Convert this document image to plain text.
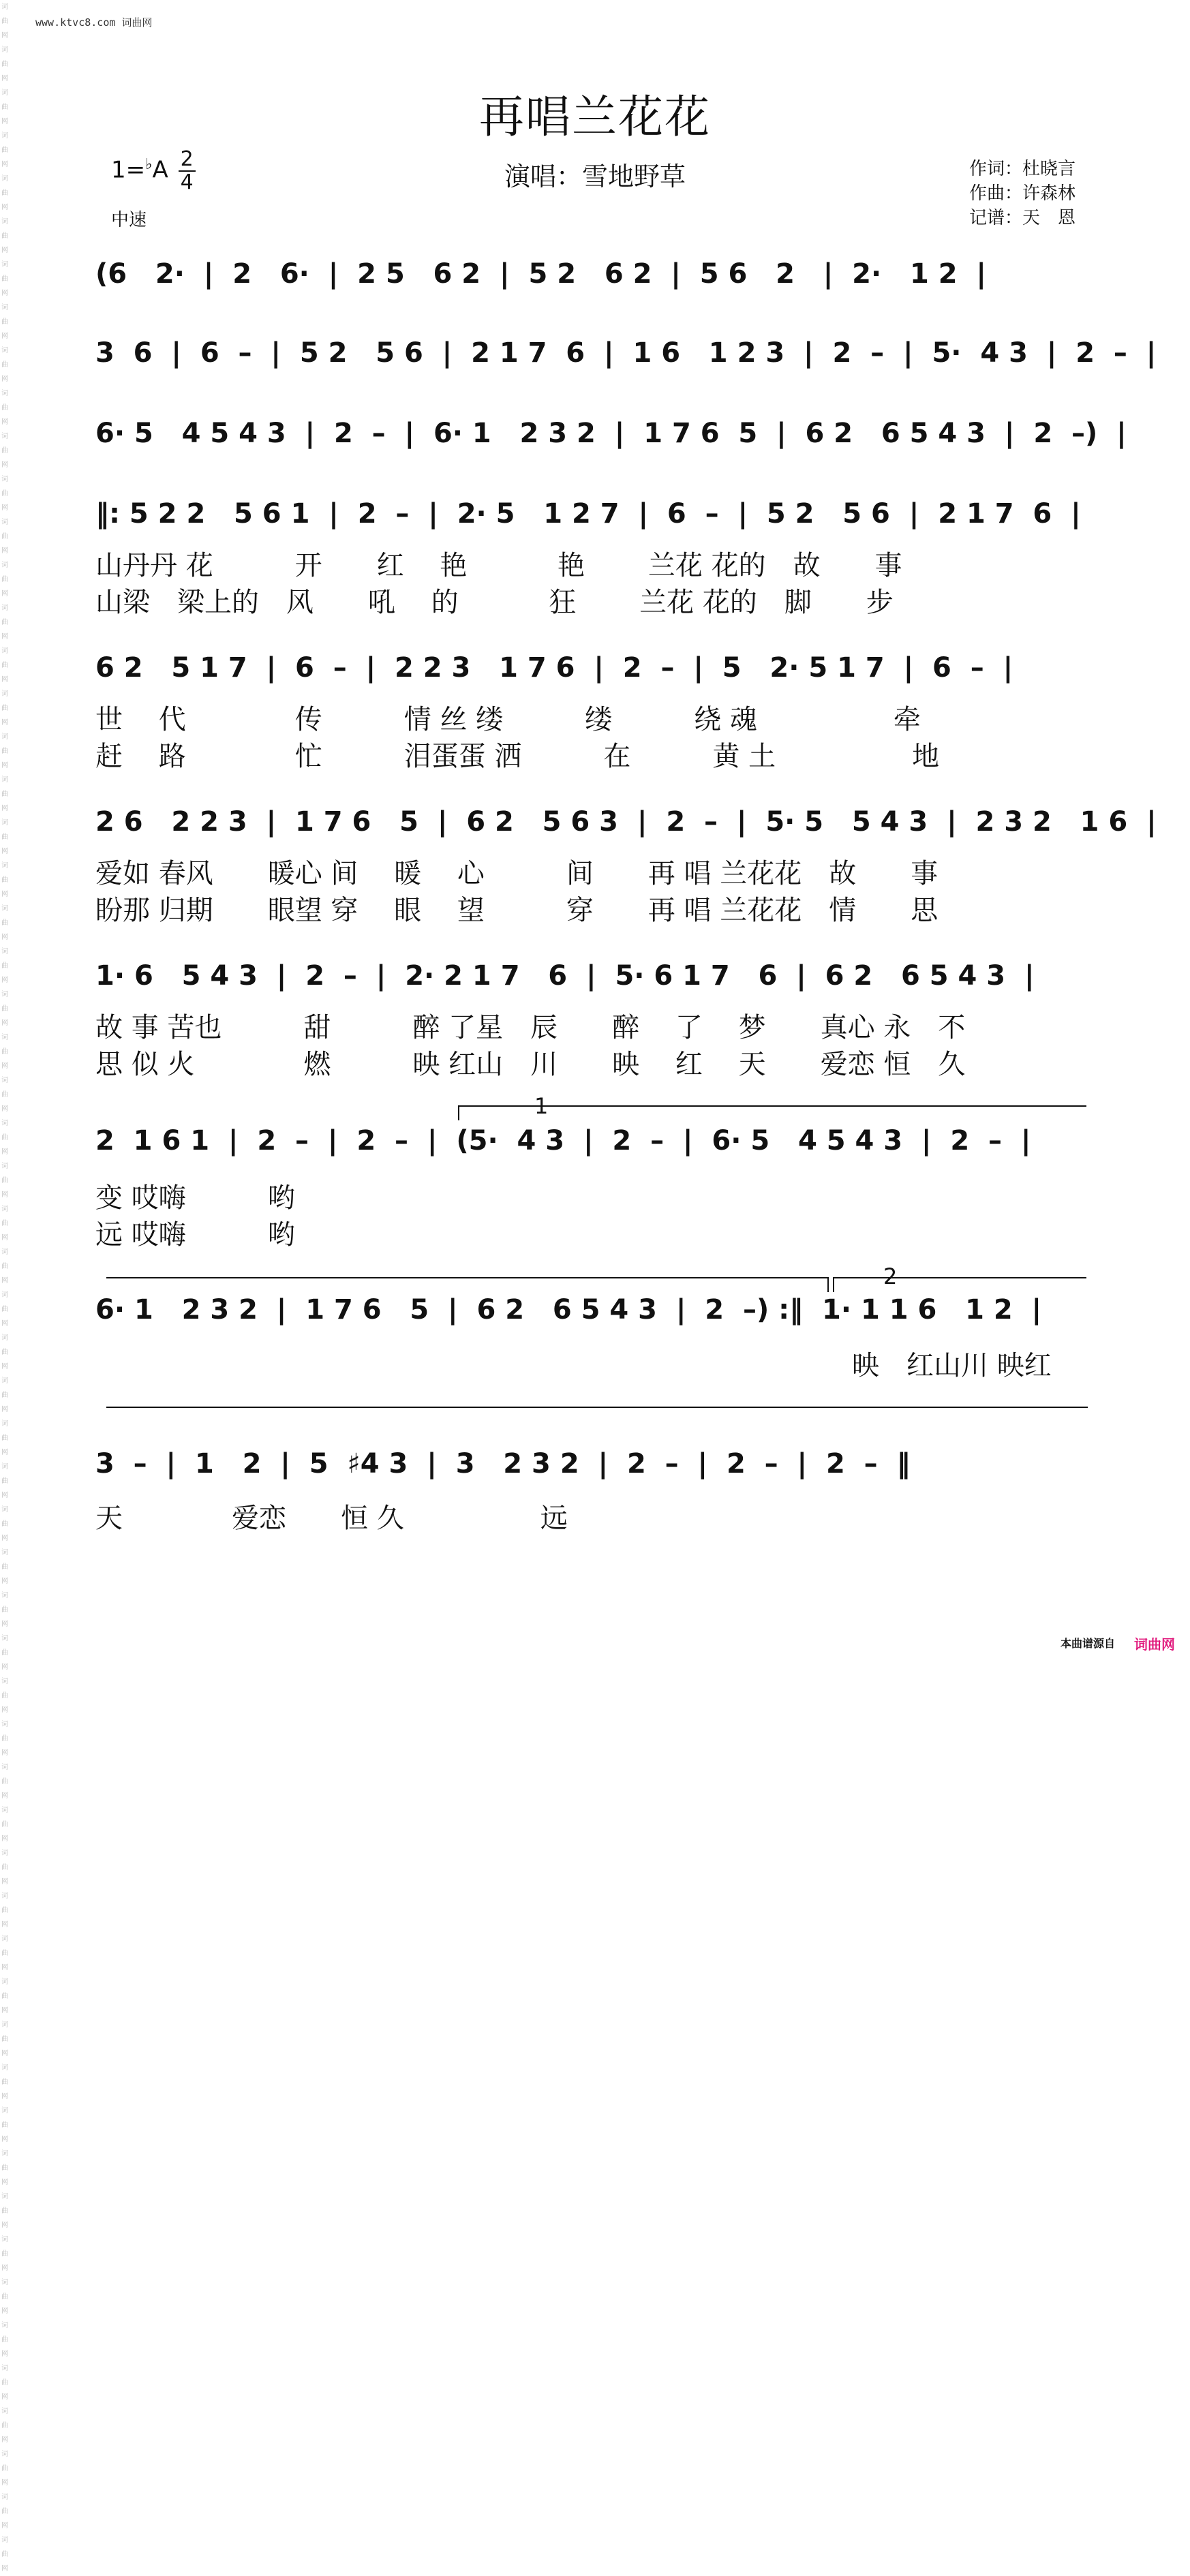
www.ktvc8.com 词曲网
词曲网词曲网词曲网词曲网词曲网词曲网词曲网词曲网词曲网词曲网词曲网词曲网词曲网词曲网词曲网词曲网词曲网词曲网词曲网词曲网词曲网词曲网词曲网词曲网词曲网词曲网词曲网词曲网词曲网词曲网
词曲网词曲网词曲网词曲网词曲网词曲网词曲网词曲网词曲网词曲网词曲网词曲网词曲网词曲网词曲网词曲网词曲网词曲网词曲网词曲网词曲网词曲网词曲网词曲网词曲网词曲网词曲网词曲网词曲网词曲网
再唱兰花花
$1=^♭A \frac{2}{4}$
中速
演唱：雪地野草	作词：杜晓言
作曲：许森林
记谱：天　恩
(6   2·  |  2   6·  |  2 5   6 2  |  5 2   6 2  |  5 6   2   |  2·   1 2  |
3  6  |  6  –  |  5 2   5 6  |  2 1 7  6  |  1 6   1 2 3  |  2  –  |  5·  4 3  |  2  –  |
6· 5   4 5 4 3  |  2  –  |  6· 1   2 3 2  |  1 7 6  5  |  6 2   6 5 4 3  |  2  –)  |
‖: 5 2 2   5 6 1  |  2  –  |  2· 5   1 2 7  |  6  –  |  5 2   5 6  |  2 1 7  6  |
山丹丹 花　　　开　　红　 艳　　　 艳　　 兰花 花的　故　　事
山梁　梁上的　风　　吼　 的　　　 狂　　 兰花 花的　脚　　步
6 2   5 1 7  |  6  –  |  2 2 3   1 7 6  |  2  –  |  5   2· 5 1 7  |  6  –  |
世　 代　　　　传　　　情 丝 缕　　　缕　　　绕 魂　　　　　牵
赶　 路　　　　忙　　　泪蛋蛋 洒　　　在　　　黄 土　　　　　地
2 6   2 2 3  |  1 7 6   5  |  6 2   5 6 3  |  2  –  |  5· 5   5 4 3  |  2 3 2   1 6  |
爱如 春风　　暖心 间　 暖　 心　　　间　　再 唱 兰花花　故　　事
盼那 归期　　眼望 穿　 眼　 望　　　穿　　再 唱 兰花花　情　　思
1· 6   5 4 3  |  2  –  |  2· 2 1 7   6  |  5· 6 1 7   6  |  6 2   6 5 4 3  |
故 事 苦也　　　甜　　　醉 了星　辰　　醉　 了　 梦　　真心 永　不
思 似 火　　　　燃　　　映 红山　川　　映　 红　 天　　爱恋 恒　久
1
2  1 6 1  |  2  –  |  2  –  |  (5·  4 3  |  2  –  |  6· 5   4 5 4 3  |  2  –  |
变 哎嗨　　　哟
远 哎嗨　　　哟
2
6· 1   2 3 2  |  1 7 6   5  |  6 2   6 5 4 3  |  2  –) :‖  1· 1 1 6   1 2  |
映　红山川 映红
3  –  |  1   2  |  5  ♯4 3  |  3   2 3 2  |  2  –  |  2  –  |  2  –  ‖
天　　　　爱恋　　恒 久　　　　　远
本曲谱源自 词曲网
